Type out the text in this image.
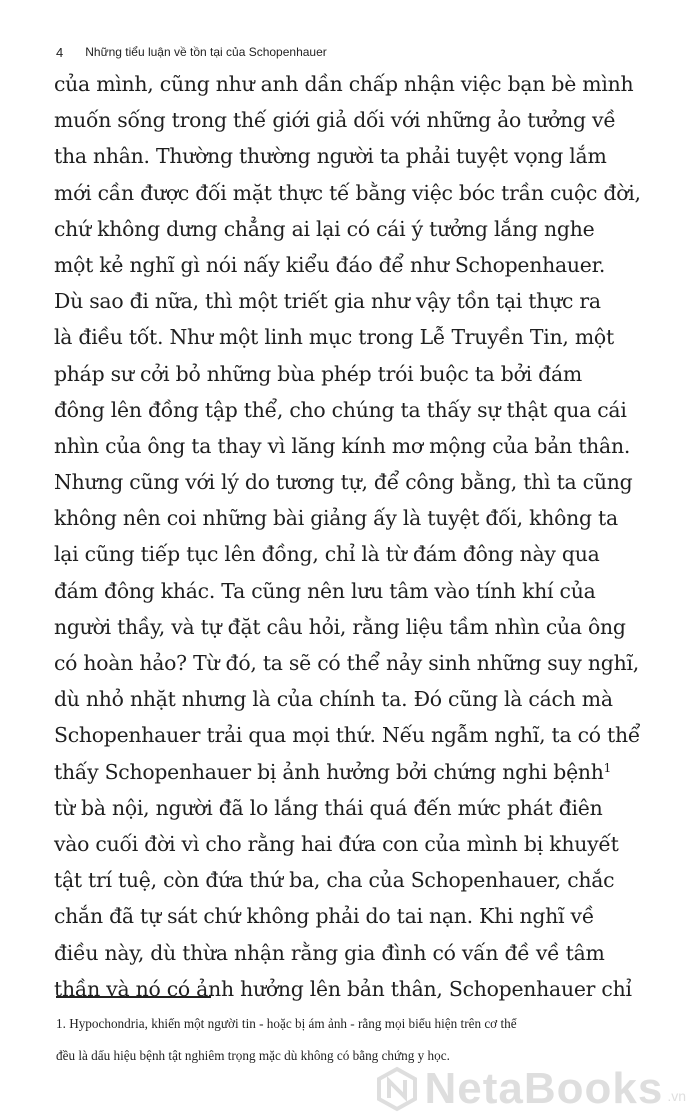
4 Những tiểu luận về tồn tại của Schopenhauer

của mình, cũng như anh dần chấp nhận việc bạn bè mình
muốn sống trong thế giới giả dối với những ảo tưởng về
tha nhân. Thường thường người ta phải tuyệt vọng lắm
mới cần được đối mặt thực tế bằng việc bóc trần cuộc đời,
chứ không dưng chẳng ai lại có cái ý tưởng lắng nghe
một kẻ nghĩ gì nói nấy kiểu đáo để như Schopenhauer.
Dù sao đi nữa, thì một triết gia như vậy tồn tại thực ra
là điều tốt. Như một linh mục trong Lễ Truyền Tin, một
pháp sư cởi bỏ những bùa phép trói buộc ta bởi đám
đông lên đồng tập thể, cho chúng ta thấy sự thật qua cái
nhìn của ông ta thay vì lăng kính mơ mộng của bản thân.
Nhưng cũng với lý do tương tự, để công bằng, thì ta cũng
không nên coi những bài giảng ấy là tuyệt đối, không ta
lại cũng tiếp tục lên đồng, chỉ là từ đám đông này qua
đám đông khác. Ta cũng nên lưu tâm vào tính khí của
người thầy, và tự đặt câu hỏi, rằng liệu tầm nhìn của ông
có hoàn hảo? Từ đó, ta sẽ có thể nảy sinh những suy nghĩ,
dù nhỏ nhặt nhưng là của chính ta. Đó cũng là cách mà
Schopenhauer trải qua mọi thứ. Nếu ngẫm nghĩ, ta có thể
thấy Schopenhauer bị ảnh hưởng bởi chứng nghi bệnh$^1$
từ bà nội, người đã lo lắng thái quá đến mức phát điên
vào cuối đời vì cho rằng hai đứa con của mình bị khuyết
tật trí tuệ, còn đứa thứ ba, cha của Schopenhauer, chắc
chắn đã tự sát chứ không phải do tai nạn. Khi nghĩ về
điều này, dù thừa nhận rằng gia đình có vấn đề về tâm
thần và nó có ảnh hưởng lên bản thân, Schopenhauer chỉ

1. Hypochondria, khiến một người tin - hoặc bị ám ảnh - rằng mọi biểu hiện trên cơ thể
đều là dấu hiệu bệnh tật nghiêm trọng mặc dù không có bằng chứng y học.
NetaBooks .vn
